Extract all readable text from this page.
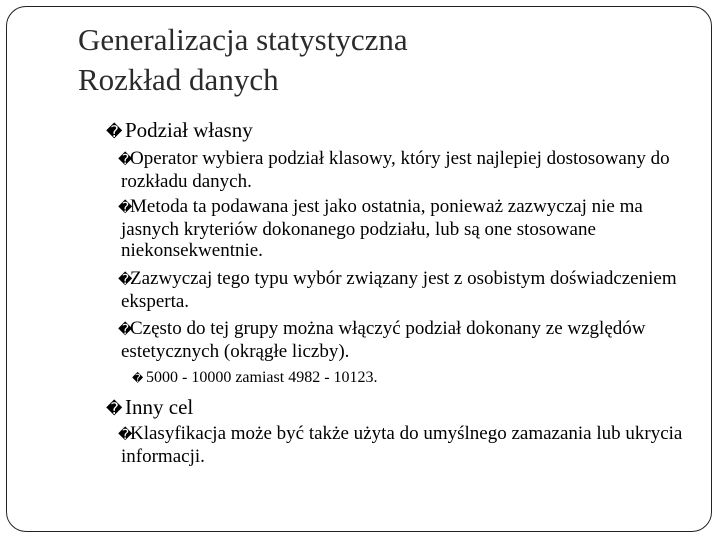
Generalizacja statystyczna
Rozkład danych
� Podział własny
�Operator wybiera podział klasowy, który jest najlepiej dostosowany do rozkładu danych.
�Metoda ta podawana jest jako ostatnia, ponieważ zazwyczaj nie ma jasnych kryteriów dokonanego podziału, lub są one stosowane niekonsekwentnie.
�Zazwyczaj tego typu wybór związany jest z osobistym doświadczeniem eksperta.
�Często do tej grupy można włączyć podział dokonany ze względów estetycznych (okrągłe liczby).
� 5000 - 10000 zamiast 4982 - 10123.
� Inny cel
�Klasyfikacja może być także użyta do umyślnego zamazania lub ukrycia informacji.
